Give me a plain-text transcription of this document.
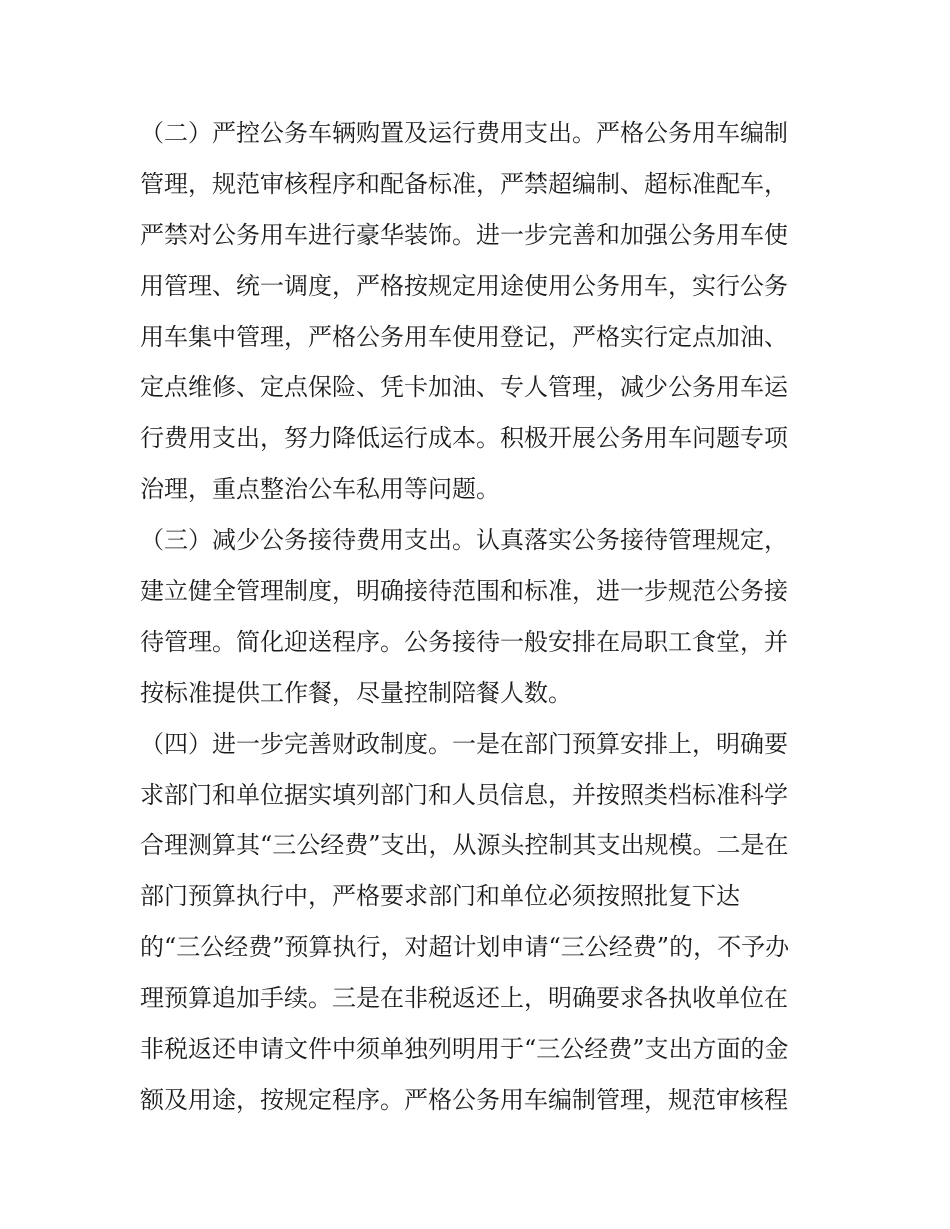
（二）严控公务车辆购置及运行费用支出。严格公务用车编制
管理，规范审核程序和配备标准，严禁超编制、超标准配车，
严禁对公务用车进行豪华装饰。进一步完善和加强公务用车使
用管理、统一调度，严格按规定用途使用公务用车，实行公务
用车集中管理，严格公务用车使用登记，严格实行定点加油、
定点维修、定点保险、凭卡加油、专人管理，减少公务用车运
行费用支出，努力降低运行成本。积极开展公务用车问题专项
治理，重点整治公车私用等问题。
（三）减少公务接待费用支出。认真落实公务接待管理规定，
建立健全管理制度，明确接待范围和标准，进一步规范公务接
待管理。简化迎送程序。公务接待一般安排在局职工食堂，并
按标准提供工作餐，尽量控制陪餐人数。
（四）进一步完善财政制度。一是在部门预算安排上，明确要
求部门和单位据实填列部门和人员信息，并按照类档标准科学
合理测算其“三公经费”支出，从源头控制其支出规模。二是在
部门预算执行中，严格要求部门和单位必须按照批复下达
的“三公经费”预算执行，对超计划申请“三公经费”的，不予办
理预算追加手续。三是在非税返还上，明确要求各执收单位在
非税返还申请文件中须单独列明用于“三公经费”支出方面的金
额及用途，按规定程序。严格公务用车编制管理，规范审核程
